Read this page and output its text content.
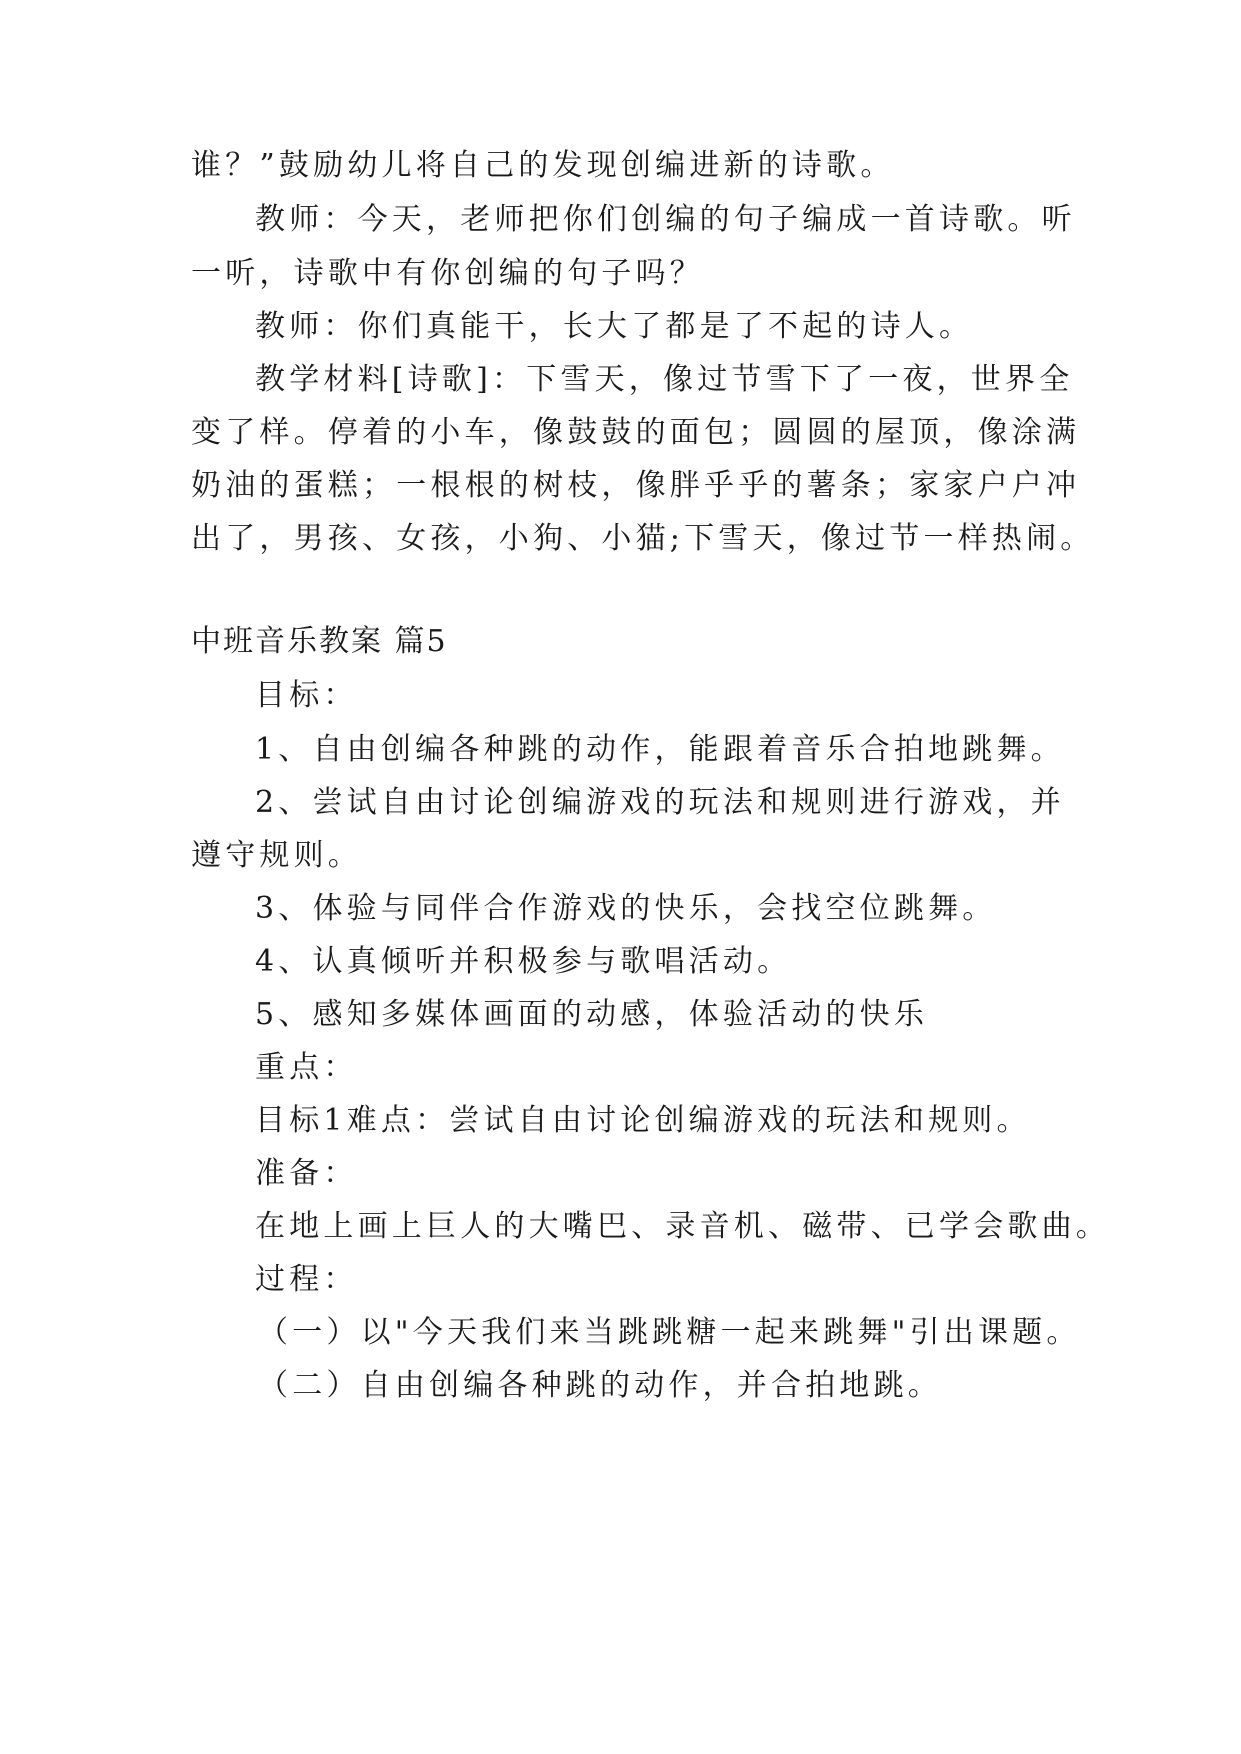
谁？”鼓励幼儿将自己的发现创编进新的诗歌。
教师：今天，老师把你们创编的句子编成一首诗歌。听
一听，诗歌中有你创编的句子吗？
教师：你们真能干，长大了都是了不起的诗人。
教学材料[诗歌]：下雪天，像过节雪下了一夜，世界全
变了样。停着的小车，像鼓鼓的面包；圆圆的屋顶，像涂满
奶油的蛋糕；一根根的树枝，像胖乎乎的薯条；家家户户冲
出了，男孩、女孩，小狗、小猫;下雪天，像过节一样热闹。
中班音乐教案 篇5
目标：
1、自由创编各种跳的动作，能跟着音乐合拍地跳舞。
2、尝试自由讨论创编游戏的玩法和规则进行游戏，并
遵守规则。
3、体验与同伴合作游戏的快乐，会找空位跳舞。
4、认真倾听并积极参与歌唱活动。
5、感知多媒体画面的动感，体验活动的快乐
重点：
目标1难点：尝试自由讨论创编游戏的玩法和规则。
准备：
在地上画上巨人的大嘴巴、录音机、磁带、已学会歌曲。
过程：
（一）以"今天我们来当跳跳糖一起来跳舞"引出课题。
（二）自由创编各种跳的动作，并合拍地跳。
